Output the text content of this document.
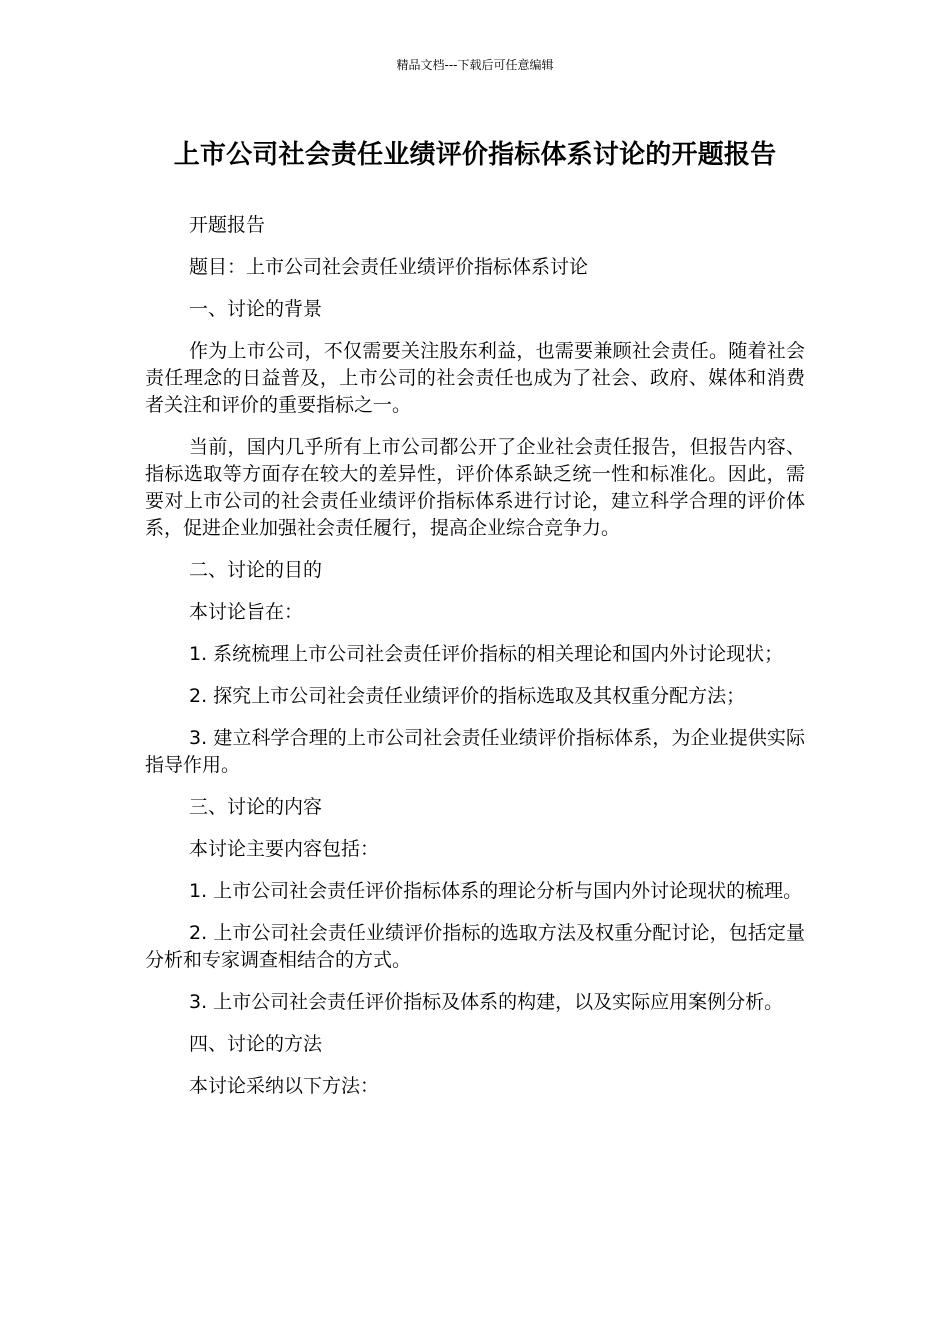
精品文档---下载后可任意编辑
上市公司社会责任业绩评价指标体系讨论的开题报告

开题报告

题目：上市公司社会责任业绩评价指标体系讨论

一、讨论的背景

作为上市公司，不仅需要关注股东利益，也需要兼顾社会责任。随着社会责任理念的日益普及，上市公司的社会责任也成为了社会、政府、媒体和消费者关注和评价的重要指标之一。

当前，国内几乎所有上市公司都公开了企业社会责任报告，但报告内容、指标选取等方面存在较大的差异性，评价体系缺乏统一性和标准化。因此，需要对上市公司的社会责任业绩评价指标体系进行讨论，建立科学合理的评价体系，促进企业加强社会责任履行，提高企业综合竞争力。

二、讨论的目的

本讨论旨在：

1. 系统梳理上市公司社会责任评价指标的相关理论和国内外讨论现状；

2. 探究上市公司社会责任业绩评价的指标选取及其权重分配方法；

3. 建立科学合理的上市公司社会责任业绩评价指标体系，为企业提供实际指导作用。

三、讨论的内容

本讨论主要内容包括：

1. 上市公司社会责任评价指标体系的理论分析与国内外讨论现状的梳理。

2. 上市公司社会责任业绩评价指标的选取方法及权重分配讨论，包括定量分析和专家调查相结合的方式。

3. 上市公司社会责任评价指标及体系的构建，以及实际应用案例分析。

四、讨论的方法

本讨论采纳以下方法：
